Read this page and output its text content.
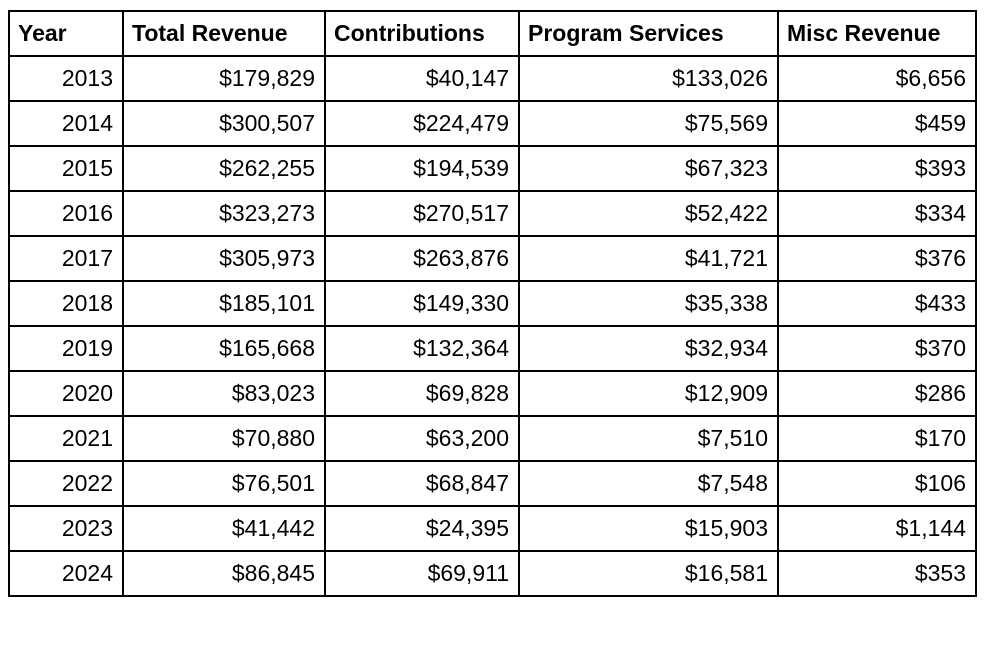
Year	Total Revenue	Contributions	Program Services	Misc Revenue
2013	$179,829	$40,147	$133,026	$6,656
2014	$300,507	$224,479	$75,569	$459
2015	$262,255	$194,539	$67,323	$393
2016	$323,273	$270,517	$52,422	$334
2017	$305,973	$263,876	$41,721	$376
2018	$185,101	$149,330	$35,338	$433
2019	$165,668	$132,364	$32,934	$370
2020	$83,023	$69,828	$12,909	$286
2021	$70,880	$63,200	$7,510	$170
2022	$76,501	$68,847	$7,548	$106
2023	$41,442	$24,395	$15,903	$1,144
2024	$86,845	$69,911	$16,581	$353
